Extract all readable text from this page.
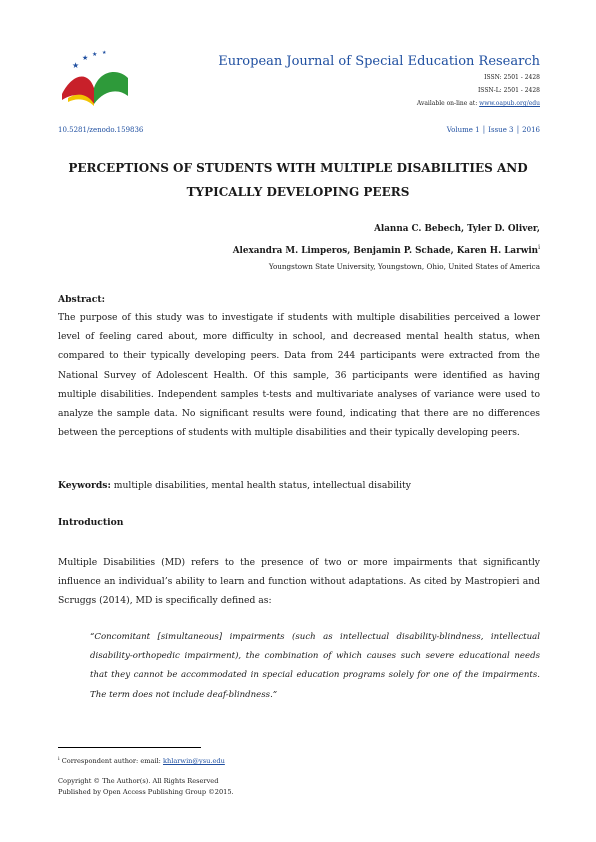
★
★ ★ ★
European Journal of Special Education Research
ISSN: 2501 - 2428
ISSN-L: 2501 - 2428
Available on-line at: www.oapub.org/edu
10.5281/zenodo.159836	Volume 1 │ Issue 3 │ 2016
PERCEPTIONS OF STUDENTS WITH MULTIPLE DISABILITIES AND TYPICALLY DEVELOPING PEERS
Alanna C. Bebech, Tyler D. Oliver,
Alexandra M. Limperos, Benjamin P. Schade, Karen H. Larwin$^i$
Youngstown State University, Youngstown, Ohio, United States of America
Abstract:
The purpose of this study was to investigate if students with multiple disabilities perceived a lower level of feeling cared about, more difficulty in school, and decreased mental health status, when compared to their typically developing peers. Data from 244 participants were extracted from the National Survey of Adolescent Health. Of this sample, 36 participants were identified as having multiple disabilities. Independent samples t-tests and multivariate analyses of variance were used to analyze the sample data. No significant results were found, indicating that there are no differences between the perceptions of students with multiple disabilities and their typically developing peers.
Keywords: multiple disabilities, mental health status, intellectual disability
Introduction
Multiple Disabilities (MD) refers to the presence of two or more impairments that significantly influence an individual’s ability to learn and function without adaptations. As cited by Mastropieri and Scruggs (2014), MD is specifically defined as:
“Concomitant [simultaneous] impairments (such as intellectual disability-blindness, intellectual disability-orthopedic impairment), the combination of which causes such severe educational needs that they cannot be accommodated in special education programs solely for one of the impairments. The term does not include deaf-blindness.”
$^i$ Correspondent author: email: khlarwin@ysu.edu
Copyright © The Author(s). All Rights Reserved
Published by Open Access Publishing Group ©2015.
